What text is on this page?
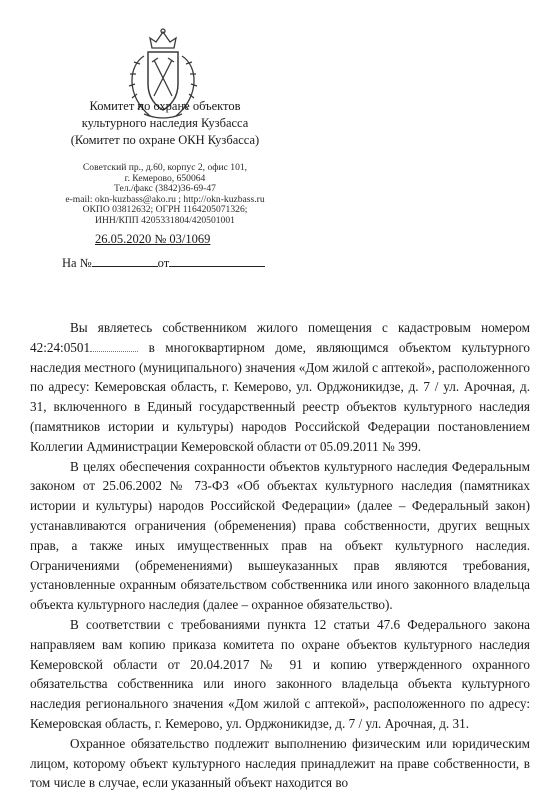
Комитет по охране объектов
культурного наследия Кузбасса
(Комитет по охране ОКН Кузбасса)
Советский пр., д.60, корпус 2, офис 101,
г. Кемерово, 650064
Тел./факс (3842)36-69-47
e-mail: okn-kuzbass@ako.ru ; http://okn-kuzbass.ru
ОКПО 03812632; ОГРН 1164205071326;
ИНН/КПП 4205331804/420501001
26.05.2020 № 03/1069
На №	от

Вы являетесь собственником жилого помещения с кадастровым номером 42:24:0501	в многоквартирном доме, являющимся объектом культурного наследия местного (муниципального) значения «Дом жилой с аптекой», расположенного по адресу: Кемеровская область, г. Кемерово, ул. Орджоникидзе, д. 7 / ул. Арочная, д. 31, включенного в Единый государственный реестр объектов культурного наследия (памятников истории и культуры) народов Российской Федерации постановлением Коллегии Администрации Кемеровской области от 05.09.2011 № 399.

В целях обеспечения сохранности объектов культурного наследия Федеральным законом от 25.06.2002 № 73-ФЗ «Об объектах культурного наследия (памятниках истории и культуры) народов Российской Федерации» (далее – Федеральный закон) устанавливаются ограничения (обременения) права собственности, других вещных прав, а также иных имущественных прав на объект культурного наследия. Ограничениями (обременениями) вышеуказанных прав являются требования, установленные охранным обязательством собственника или иного законного владельца объекта культурного наследия (далее – охранное обязательство).

В соответствии с требованиями пункта 12 статьи 47.6 Федерального закона направляем вам копию приказа комитета по охране объектов культурного наследия Кемеровской области от 20.04.2017 № 91 и копию утвержденного охранного обязательства собственника или иного законного владельца объекта культурного наследия регионального значения «Дом жилой с аптекой», расположенного по адресу: Кемеровская область, г. Кемерово, ул. Орджоникидзе, д. 7 / ул. Арочная, д. 31.

Охранное обязательство подлежит выполнению физическим или юридическим лицом, которому объект культурного наследия принадлежит на праве собственности, в том числе в случае, если указанный объект находится во
